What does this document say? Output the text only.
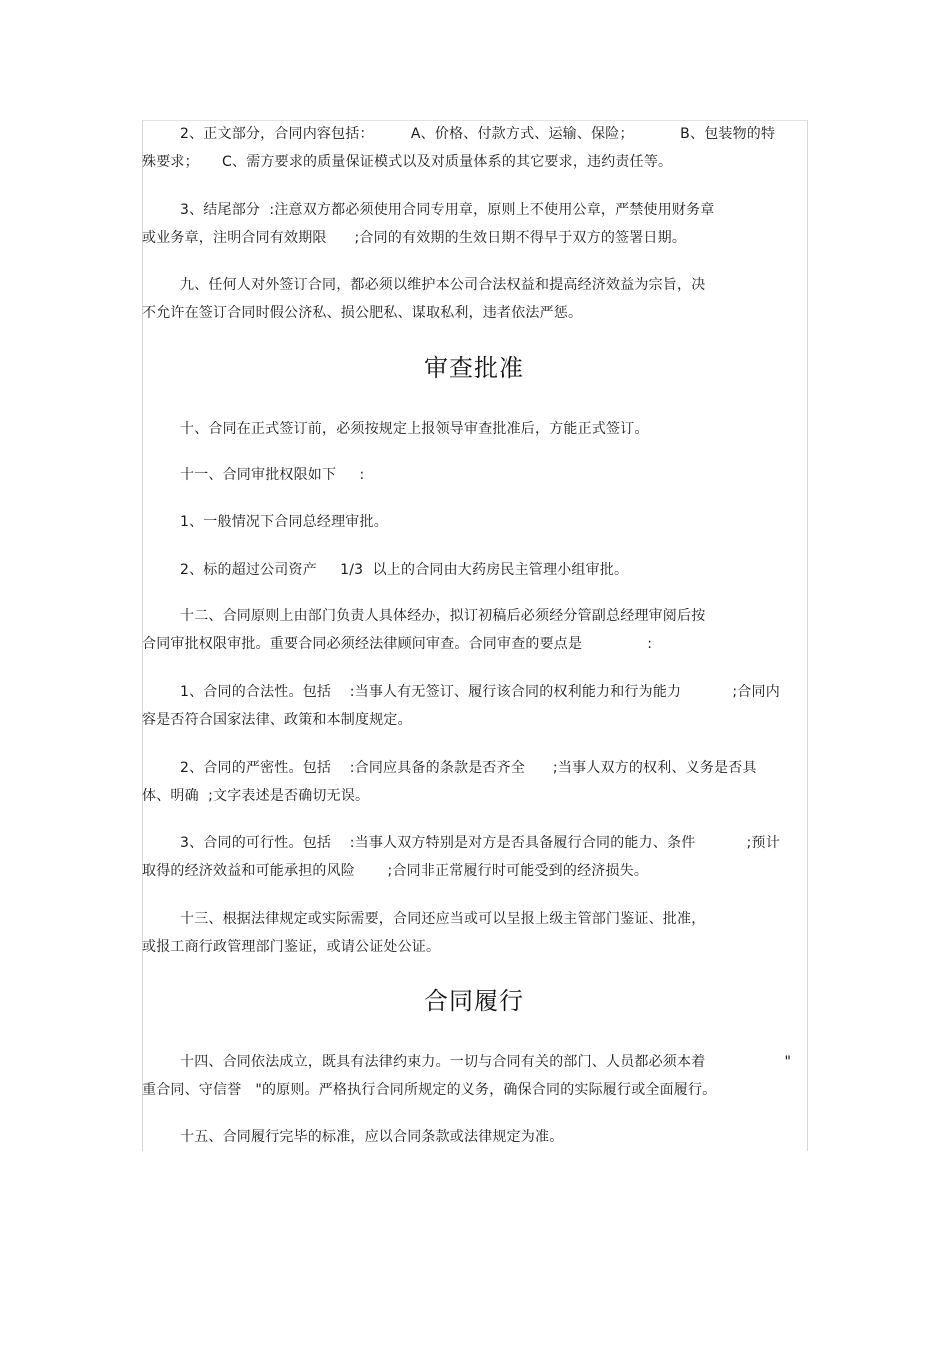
2、正文部分，合同内容包括：        A、价格、付款方式、运输、保险；          B、包装物的特
殊要求；     C、需方要求的质量保证模式以及对质量体系的其它要求，违约责任等。
3、结尾部分  :注意双方都必须使用合同专用章，原则上不使用公章，严禁使用财务章
或业务章，注明合同有效期限      ;合同的有效期的生效日期不得早于双方的签署日期。
九、任何人对外签订合同，都必须以维护本公司合法权益和提高经济效益为宗旨，决
不允许在签订合同时假公济私、损公肥私、谋取私利，违者依法严惩。
审查批准
十、合同在正式签订前，必须按规定上报领导审查批准后，方能正式签订。
十一、合同审批权限如下     :
1、一般情况下合同总经理审批。
2、标的超过公司资产     1/3  以上的合同由大药房民主管理小组审批。
十二、合同原则上由部门负责人具体经办，拟订初稿后必须经分管副总经理审阅后按
合同审批权限审批。重要合同必须经法律顾问审查。合同审查的要点是              :
1、合同的合法性。包括    :当事人有无签订、履行该合同的权利能力和行为能力           ;合同内
容是否符合国家法律、政策和本制度规定。
2、合同的严密性。包括    :合同应具备的条款是否齐全      ;当事人双方的权利、义务是否具
体、明确  ;文字表述是否确切无误。
3、合同的可行性。包括    :当事人双方特别是对方是否具备履行合同的能力、条件           ;预计
取得的经济效益和可能承担的风险       ;合同非正常履行时可能受到的经济损失。
十三、根据法律规定或实际需要，合同还应当或可以呈报上级主管部门鉴证、批准，
或报工商行政管理部门鉴证，或请公证处公证。
合同履行
十四、合同依法成立，既具有法律约束力。一切与合同有关的部门、人员都必须本着                 "
重合同、守信誉   "的原则。严格执行合同所规定的义务，确保合同的实际履行或全面履行。
十五、合同履行完毕的标准，应以合同条款或法律规定为准。
